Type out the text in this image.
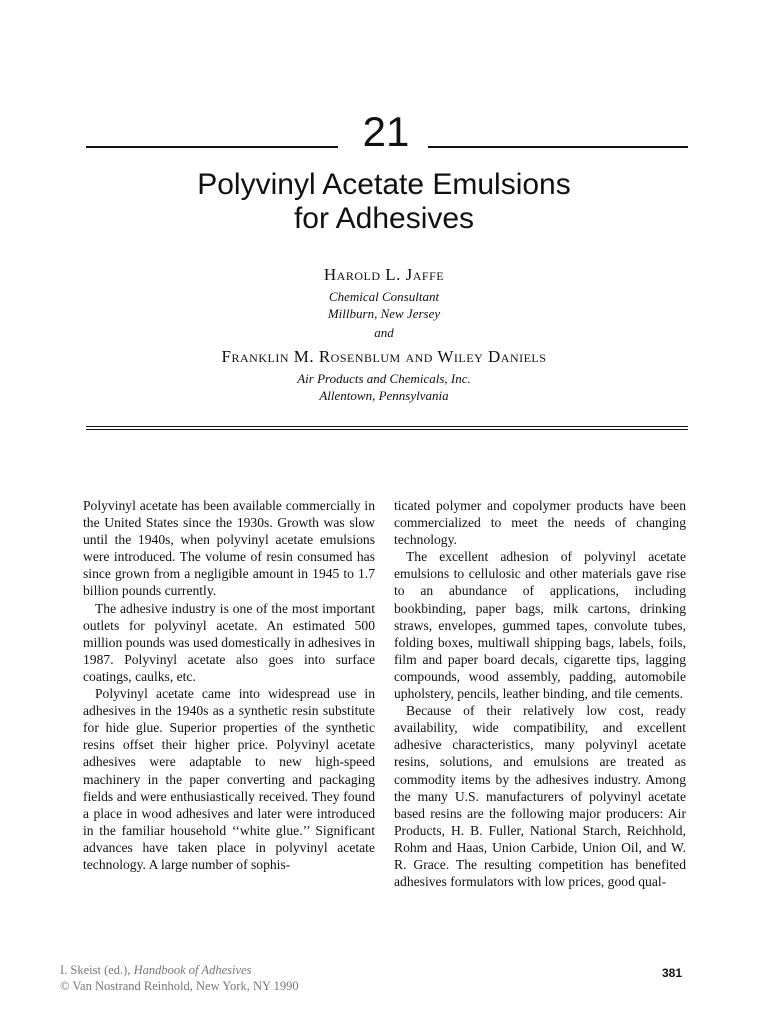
21
Polyvinyl Acetate Emulsions
for Adhesives
Harold L. Jaffe
Chemical Consultant
Millburn, New Jersey
and
Franklin M. Rosenblum and Wiley Daniels
Air Products and Chemicals, Inc.
Allentown, Pennsylvania

Polyvinyl acetate has been available commercially in the United States since the 1930s. Growth was slow until the 1940s, when polyvinyl acetate emulsions were introduced. The volume of resin consumed has since grown from a negligible amount in 1945 to 1.7 billion pounds currently.

The adhesive industry is one of the most important outlets for polyvinyl acetate. An estimated 500 million pounds was used domestically in adhesives in 1987. Polyvinyl acetate also goes into surface coatings, caulks, etc.

Polyvinyl acetate came into widespread use in adhesives in the 1940s as a synthetic resin substitute for hide glue. Superior properties of the synthetic resins offset their higher price. Polyvinyl acetate adhesives were adaptable to new high-speed machinery in the paper converting and packaging fields and were enthusiastically received. They found a place in wood adhesives and later were introduced in the familiar household ‘‘white glue.’’ Significant advances have taken place in polyvinyl acetate technology. A large number of sophis-

ticated polymer and copolymer products have been commercialized to meet the needs of changing technology.

The excellent adhesion of polyvinyl acetate emulsions to cellulosic and other materials gave rise to an abundance of applications, including bookbinding, paper bags, milk cartons, drinking straws, envelopes, gummed tapes, convolute tubes, folding boxes, multiwall shipping bags, labels, foils, film and paper board decals, cigarette tips, lagging compounds, wood assembly, padding, automobile upholstery, pencils, leather binding, and tile cements.

Because of their relatively low cost, ready availability, wide compatibility, and excellent adhesive characteristics, many polyvinyl acetate resins, solutions, and emulsions are treated as commodity items by the adhesives industry. Among the many U.S. manufacturers of polyvinyl acetate based resins are the following major producers: Air Products, H. B. Fuller, National Starch, Reichhold, Rohm and Haas, Union Carbide, Union Oil, and W. R. Grace. The resulting competition has benefited adhesives formulators with low prices, good qual-

I. Skeist (ed.), Handbook of Adhesives
© Van Nostrand Reinhold, New York, NY 1990
381
